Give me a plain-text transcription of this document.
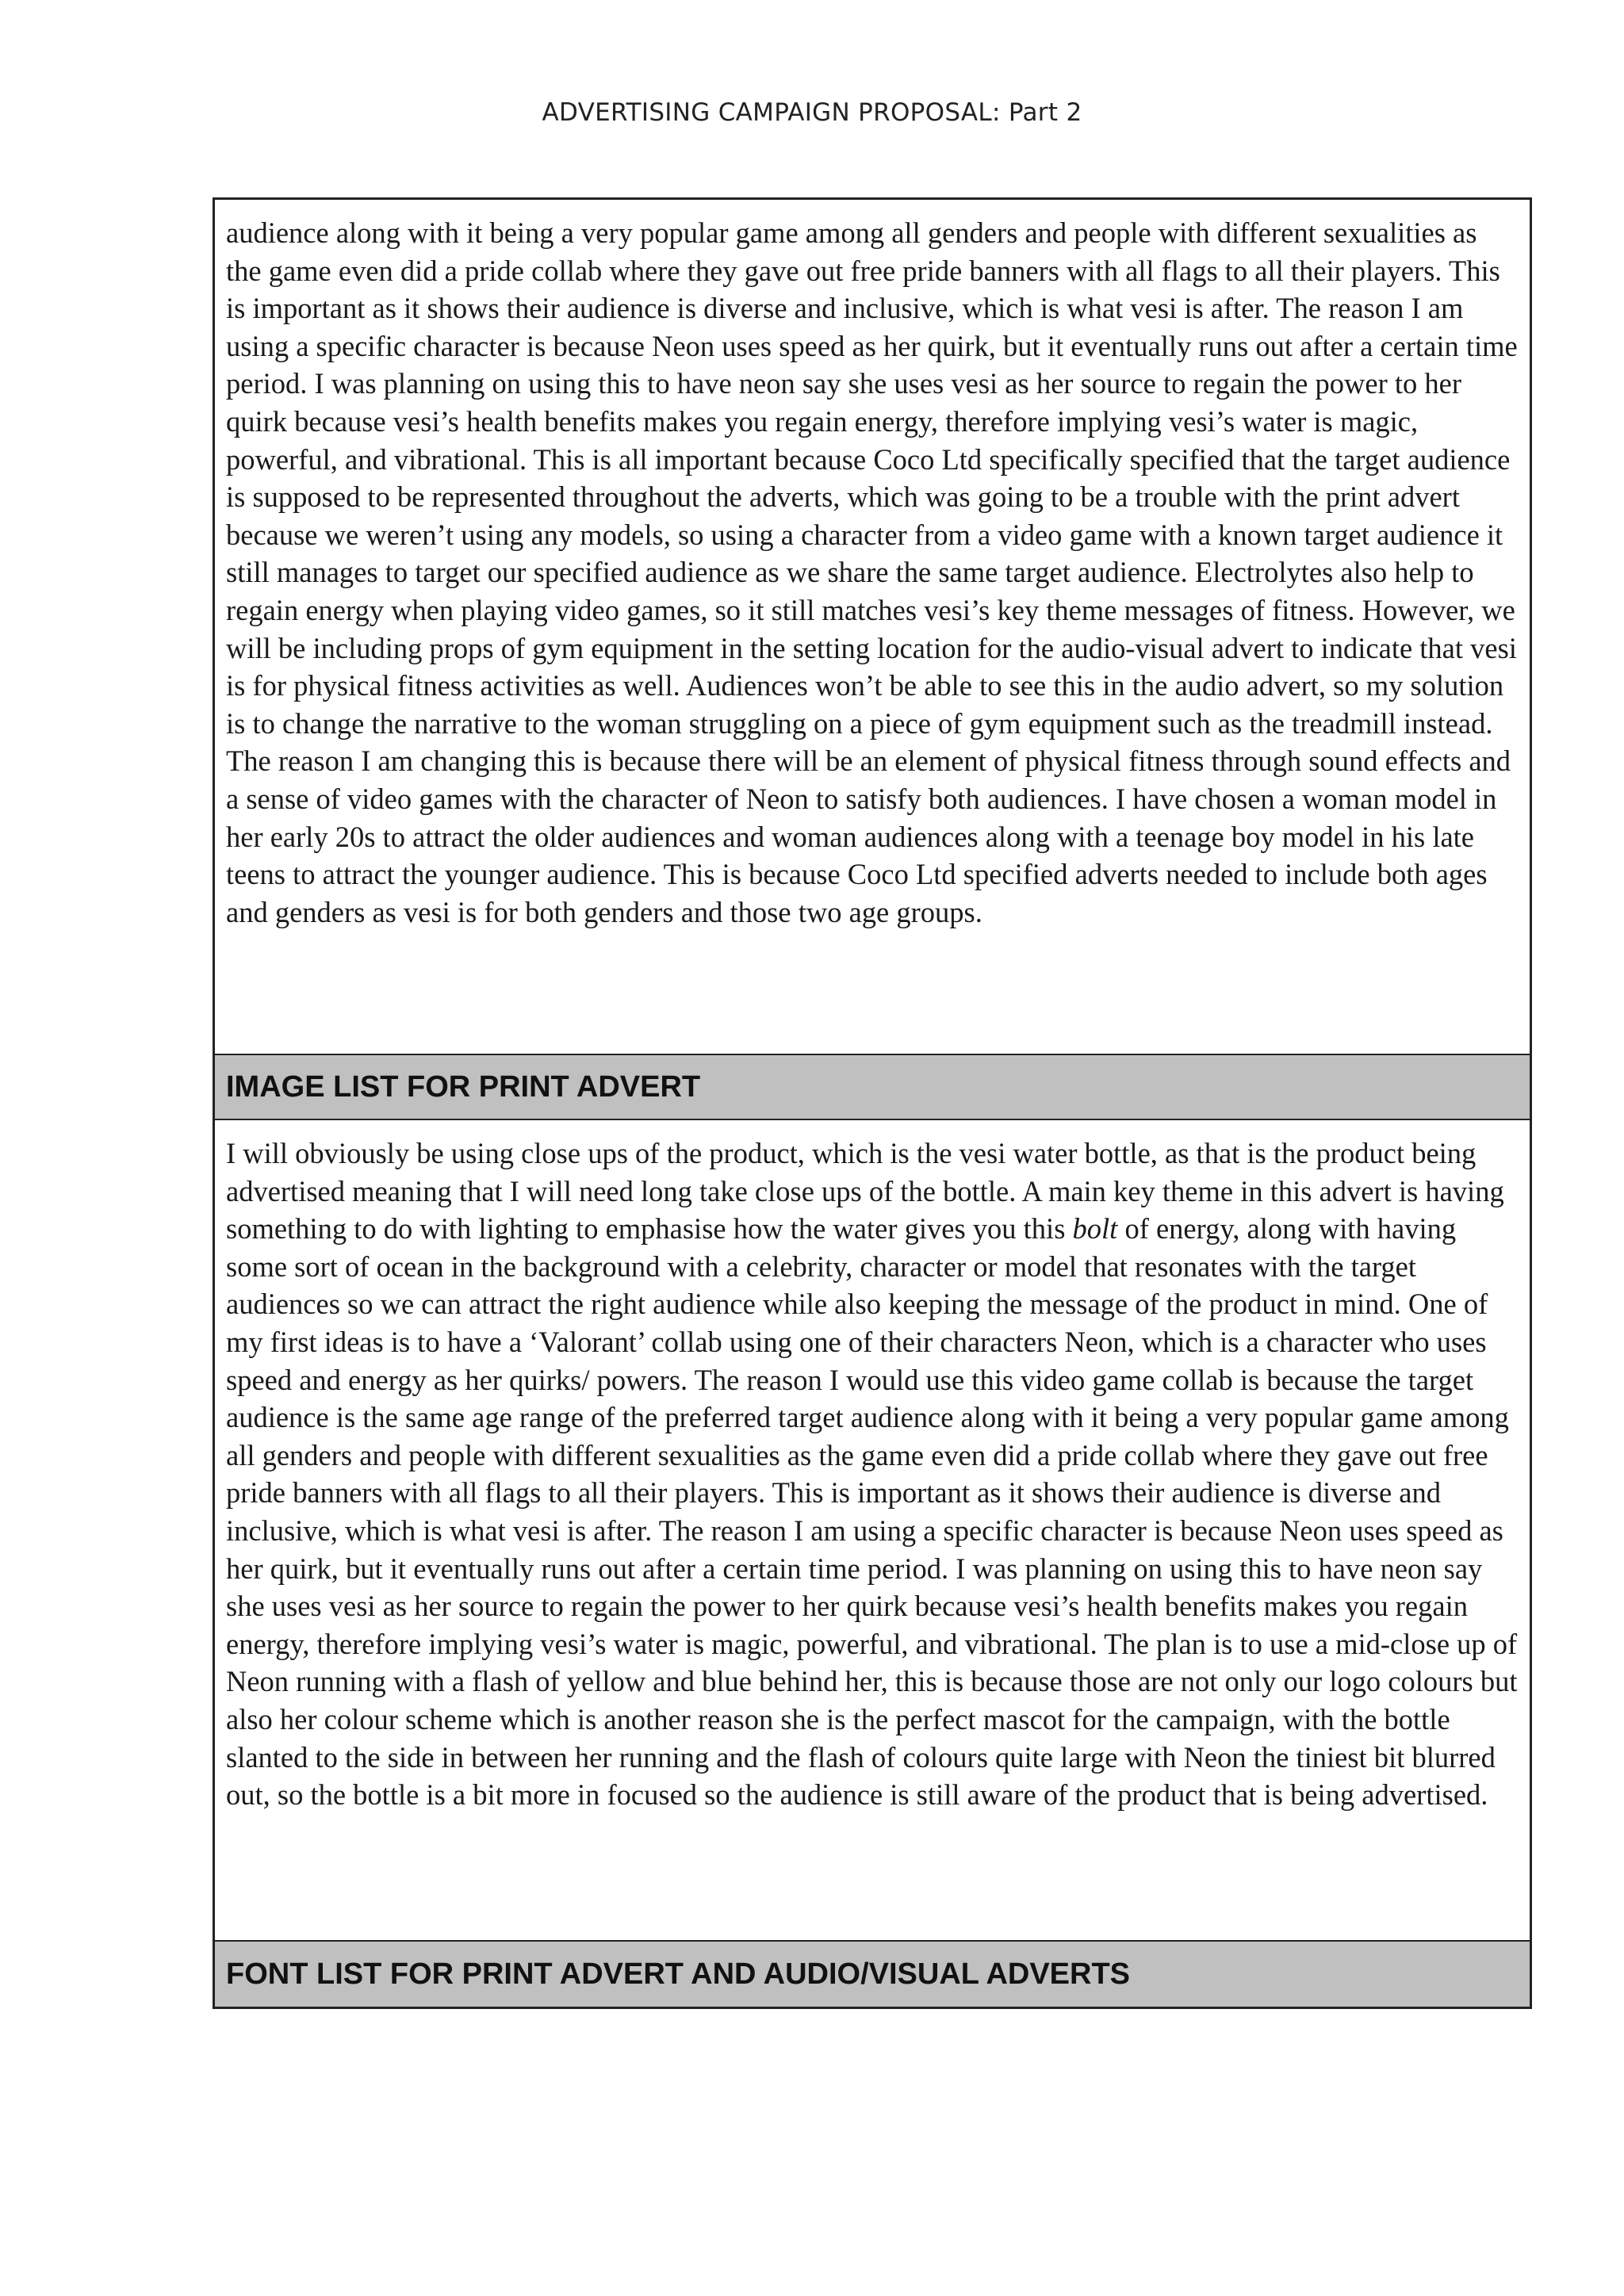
ADVERTISING CAMPAIGN PROPOSAL: Part 2

audience along with it being a very popular game among all genders and people with different sexualities as the game even did a pride collab where they gave out free pride banners with all flags to all their players. This is important as it shows their audience is diverse and inclusive, which is what vesi is after. The reason I am using a specific character is because Neon uses speed as her quirk, but it eventually runs out after a certain time period. I was planning on using this to have neon say she uses vesi as her source to regain the power to her quirk because vesi’s health benefits makes you regain energy, therefore implying vesi’s water is magic, powerful, and vibrational. This is all important because Coco Ltd specifically specified that the target audience is supposed to be represented throughout the adverts, which was going to be a trouble with the print advert because we weren’t using any models, so using a character from a video game with a known target audience it still manages to target our specified audience as we share the same target audience. Electrolytes also help to regain energy when playing video games, so it still matches vesi’s key theme messages of fitness. However, we will be including props of gym equipment in the setting location for the audio-visual advert to indicate that vesi is for physical fitness activities as well. Audiences won’t be able to see this in the audio advert, so my solution is to change the narrative to the woman struggling on a piece of gym equipment such as the treadmill instead. The reason I am changing this is because there will be an element of physical fitness through sound effects and a sense of video games with the character of Neon to satisfy both audiences. I have chosen a woman model in her early 20s to attract the older audiences and woman audiences along with a teenage boy model in his late teens to attract the younger audience. This is because Coco Ltd specified adverts needed to include both ages and genders as vesi is for both genders and those two age groups.

IMAGE LIST FOR PRINT ADVERT

I will obviously be using close ups of the product, which is the vesi water bottle, as that is the product being advertised meaning that I will need long take close ups of the bottle. A main key theme in this advert is having something to do with lighting to emphasise how the water gives you this bolt of energy, along with having some sort of ocean in the background with a celebrity, character or model that resonates with the target audiences so we can attract the right audience while also keeping the message of the product in mind. One of my first ideas is to have a ‘Valorant’ collab using one of their characters Neon, which is a character who uses speed and energy as her quirks/ powers. The reason I would use this video game collab is because the target audience is the same age range of the preferred target audience along with it being a very popular game among all genders and people with different sexualities as the game even did a pride collab where they gave out free pride banners with all flags to all their players. This is important as it shows their audience is diverse and inclusive, which is what vesi is after. The reason I am using a specific character is because Neon uses speed as her quirk, but it eventually runs out after a certain time period. I was planning on using this to have neon say she uses vesi as her source to regain the power to her quirk because vesi’s health benefits makes you regain energy, therefore implying vesi’s water is magic, powerful, and vibrational. The plan is to use a mid-close up of Neon running with a flash of yellow and blue behind her, this is because those are not only our logo colours but also her colour scheme which is another reason she is the perfect mascot for the campaign, with the bottle slanted to the side in between her running and the flash of colours quite large with Neon the tiniest bit blurred out, so the bottle is a bit more in focused so the audience is still aware of the product that is being advertised.

FONT LIST FOR PRINT ADVERT AND AUDIO/VISUAL ADVERTS
